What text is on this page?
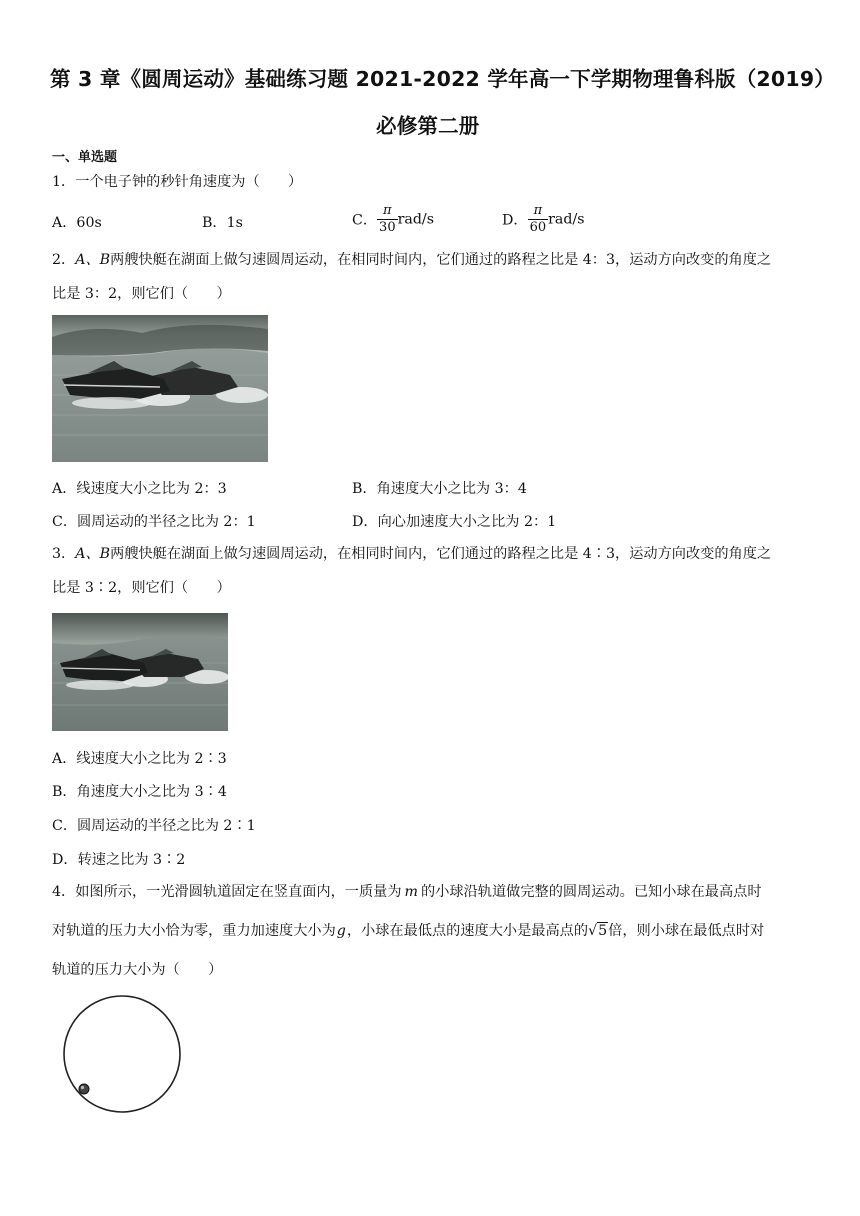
第 3 章《圆周运动》基础练习题 2021-2022 学年高一下学期物理鲁科版（2019）
必修第二册
一、单选题
1．一个电子钟的秒针角速度为（　　）
A．60s	B．1s	C． $\frac{\pi}{30} rad/s$	D． $\frac{\pi}{60} rad/s$
2．A、B两艘快艇在湖面上做匀速圆周运动，在相同时间内，它们通过的路程之比是 4：3，运动方向改变的角度之
比是 3：2，则它们（　　）
A．线速度大小之比为 2：3	B．角速度大小之比为 3：4
C．圆周运动的半径之比为 2：1	D．向心加速度大小之比为 2：1
3．A、B两艘快艇在湖面上做匀速圆周运动，在相同时间内，它们通过的路程之比是 4∶3，运动方向改变的角度之
比是 3∶2，则它们（　　）
A．线速度大小之比为 2∶3
B．角速度大小之比为 3∶4
C．圆周运动的半径之比为 2∶1
D．转速之比为 3∶2
4．如图所示，一光滑圆轨道固定在竖直面内，一质量为 m 的小球沿轨道做完整的圆周运动。已知小球在最高点时
对轨道的压力大小恰为零，重力加速度大小为g，小球在最低点的速度大小是最高点的√5倍，则小球在最低点时对
轨道的压力大小为（　　）
